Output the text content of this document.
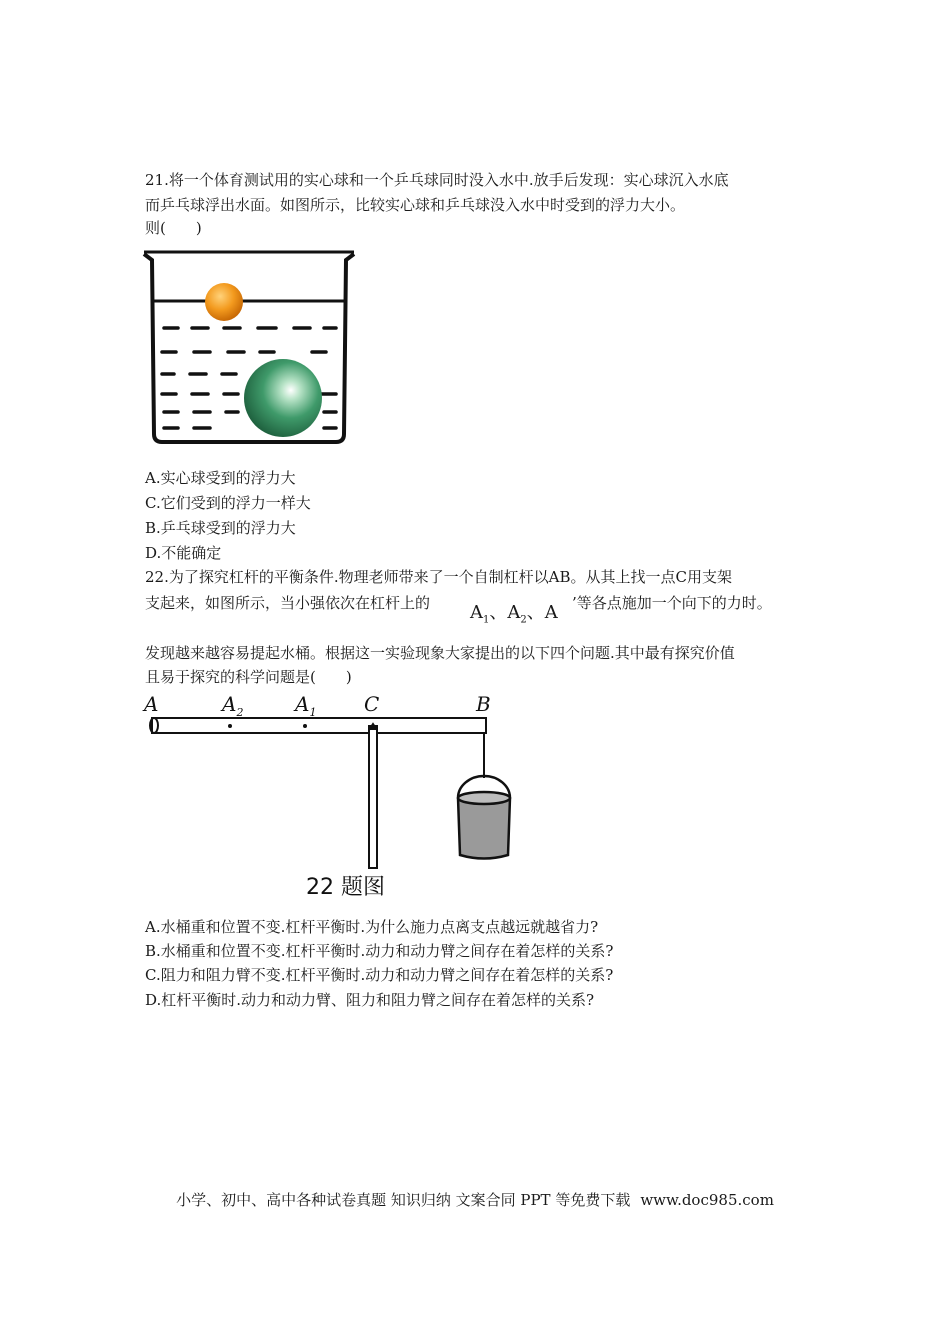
21.将一个体育测试用的实心球和一个乒乓球同时没入水中.放手后发现：实心球沉入水底
而乒乓球浮出水面。如图所示，比较实心球和乒乓球没入水中时受到的浮力大小。
则(　　)
A.实心球受到的浮力大
C.它们受到的浮力一样大
B.乒乓球受到的浮力大
D.不能确定
22.为了探究杠杆的平衡条件.物理老师带来了一个自制杠杆以AB。从其上找一点C用支架
支起来，如图所示，当小强依次在杠杆上的 $A_1$、$A_2$、A ’等各点施加一个向下的力时。
发现越来越容易提起水桶。根据这一实验现象大家提出的以下四个问题.其中最有探究价值
且易于探究的科学问题是(　　)
A	$A_2$	$A_1$ C	B
22 题图
A.水桶重和位置不变.杠杆平衡时.为什么施力点离支点越远就越省力?
B.水桶重和位置不变.杠杆平衡时.动力和动力臂之间存在着怎样的关系?
C.阻力和阻力臂不变.杠杆平衡时.动力和动力臂之间存在着怎样的关系?
D.杠杆平衡时.动力和动力臂、阻力和阻力臂之间存在着怎样的关系?
小学、初中、高中各种试卷真题 知识归纳 文案合同 PPT 等免费下载 www.doc985.com
